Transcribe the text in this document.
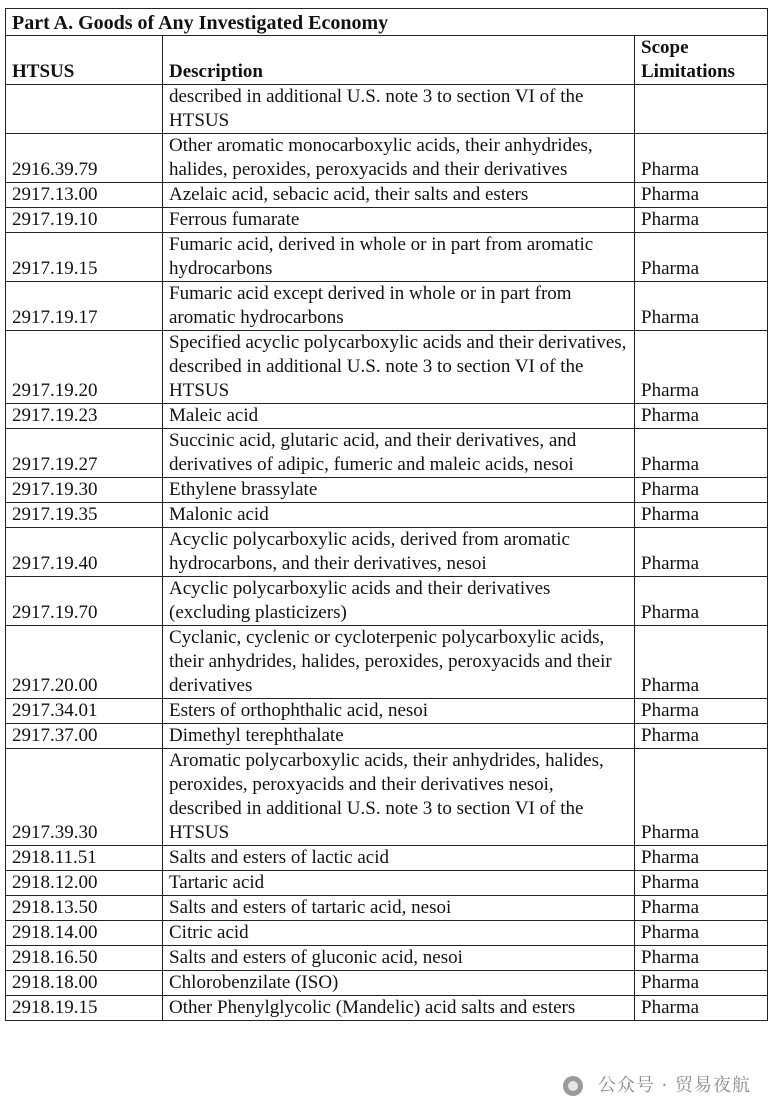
Part A. Goods of Any Investigated Economy		
HTSUS	Description	Scope Limitations
	described in additional U.S. note 3 to section VI of the HTSUS	
2916.39.79	Other aromatic monocarboxylic acids, their anhydrides, halides, peroxides, peroxyacids and their derivatives	Pharma
2917.13.00	Azelaic acid, sebacic acid, their salts and esters	Pharma
2917.19.10	Ferrous fumarate	Pharma
2917.19.15	Fumaric acid, derived in whole or in part from aromatic hydrocarbons	Pharma
2917.19.17	Fumaric acid except derived in whole or in part from aromatic hydrocarbons	Pharma
2917.19.20	Specified acyclic polycarboxylic acids and their derivatives, described in additional U.S. note 3 to section VI of the HTSUS	Pharma
2917.19.23	Maleic acid	Pharma
2917.19.27	Succinic acid, glutaric acid, and their derivatives, and derivatives of adipic, fumeric and maleic acids, nesoi	Pharma
2917.19.30	Ethylene brassylate	Pharma
2917.19.35	Malonic acid	Pharma
2917.19.40	Acyclic polycarboxylic acids, derived from aromatic hydrocarbons, and their derivatives, nesoi	Pharma
2917.19.70	Acyclic polycarboxylic acids and their derivatives (excluding plasticizers)	Pharma
2917.20.00	Cyclanic, cyclenic or cycloterpenic polycarboxylic acids, their anhydrides, halides, peroxides, peroxyacids and their derivatives	Pharma
2917.34.01	Esters of orthophthalic acid, nesoi	Pharma
2917.37.00	Dimethyl terephthalate	Pharma
2917.39.30	Aromatic polycarboxylic acids, their anhydrides, halides, peroxides, peroxyacids and their derivatives nesoi, described in additional U.S. note 3 to section VI of the HTSUS	Pharma
2918.11.51	Salts and esters of lactic acid	Pharma
2918.12.00	Tartaric acid	Pharma
2918.13.50	Salts and esters of tartaric acid, nesoi	Pharma
2918.14.00	Citric acid	Pharma
2918.16.50	Salts and esters of gluconic acid, nesoi	Pharma
2918.18.00	Chlorobenzilate (ISO)	Pharma
2918.19.15	Other Phenylglycolic (Mandelic) acid salts and esters	Pharma
公众号 · 贸易夜航
